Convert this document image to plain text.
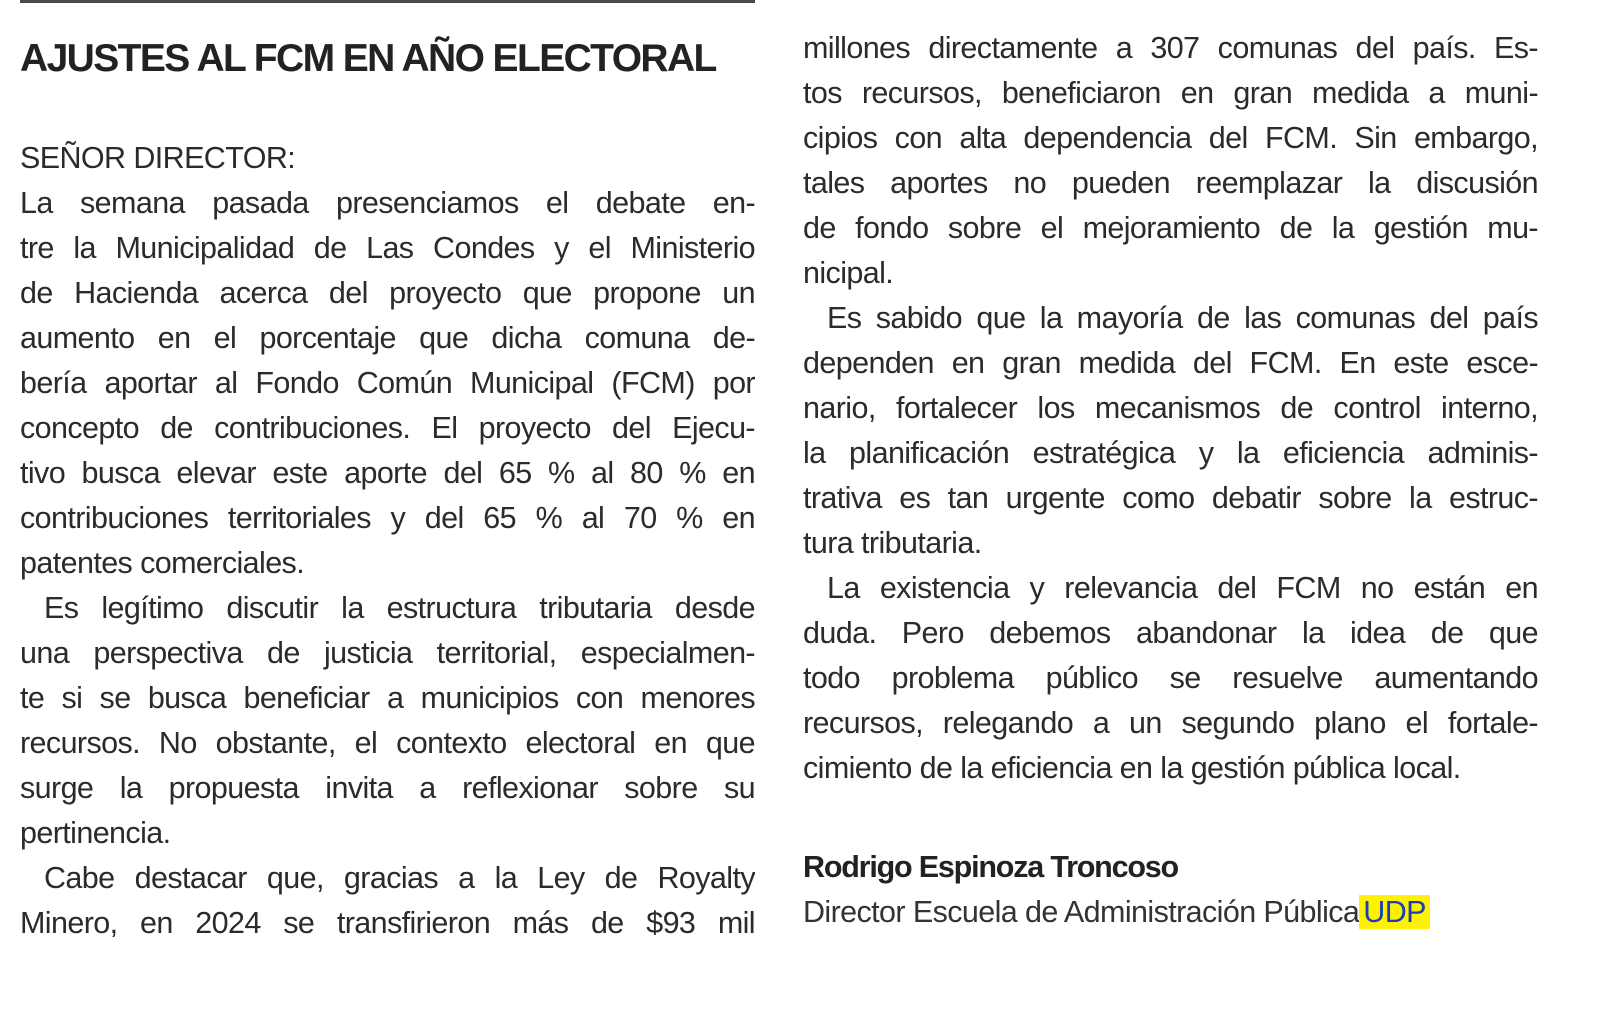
AJUSTES AL FCM EN AÑO ELECTORAL
SEÑOR DIRECTOR:

La semana pasada presenciamos el debate en-
tre la Municipalidad de Las Condes y el Ministerio
de Hacienda acerca del proyecto que propone un
aumento en el porcentaje que dicha comuna de-
bería aportar al Fondo Común Municipal (FCM) por
concepto de contribuciones. El proyecto del Ejecu-
tivo busca elevar este aporte del 65 % al 80 % en
contribuciones territoriales y del 65 % al 70 % en
patentes comerciales.

Es legítimo discutir la estructura tributaria desde
una perspectiva de justicia territorial, especialmen-
te si se busca beneficiar a municipios con menores
recursos. No obstante, el contexto electoral en que
surge la propuesta invita a reflexionar sobre su
pertinencia.

Cabe destacar que, gracias a la Ley de Royalty
Minero, en 2024 se transfirieron más de $93 mil

millones directamente a 307 comunas del país. Es-
tos recursos, beneficiaron en gran medida a muni-
cipios con alta dependencia del FCM. Sin embargo,
tales aportes no pueden reemplazar la discusión
de fondo sobre el mejoramiento de la gestión mu-
nicipal.

Es sabido que la mayoría de las comunas del país
dependen en gran medida del FCM. En este esce-
nario, fortalecer los mecanismos de control interno,
la planificación estratégica y la eficiencia adminis-
trativa es tan urgente como debatir sobre la estruc-
tura tributaria.

La existencia y relevancia del FCM no están en
duda. Pero debemos abandonar la idea de que
todo problema público se resuelve aumentando
recursos, relegando a un segundo plano el fortale-
cimiento de la eficiencia en la gestión pública local.

Rodrigo Espinoza Troncoso
Director Escuela de Administración Pública UDP
